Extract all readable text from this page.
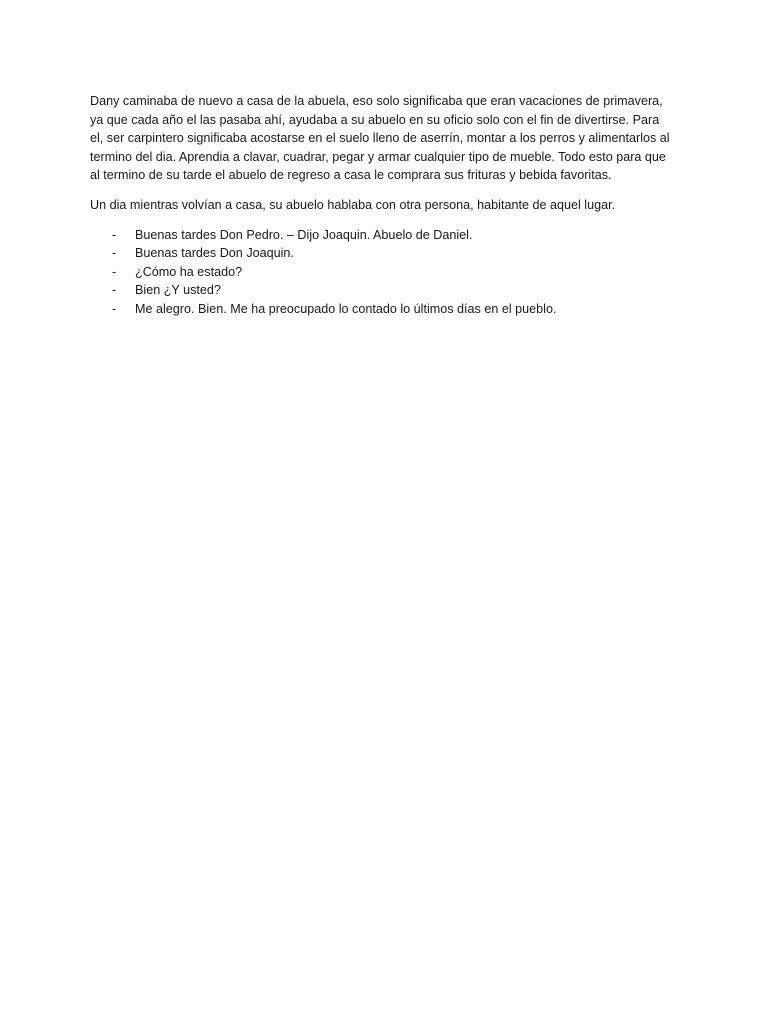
Dany caminaba de nuevo a casa de la abuela, eso solo significaba que eran vacaciones de primavera, ya que cada año el las pasaba ahí, ayudaba a su abuelo en su oficio solo con el fin de divertirse. Para el, ser carpintero significaba acostarse en el suelo lleno de aserrín, montar a los perros y alimentarlos al termino del dia. Aprendia a clavar, cuadrar, pegar y armar cualquier tipo de mueble. Todo esto para que al termino de su tarde el abuelo de regreso a casa le comprara sus frituras y bebida favoritas.

Un dia mientras volvían a casa, su abuelo hablaba con otra persona, habitante de aquel lugar.

- Buenas tardes Don Pedro. – Dijo Joaquin. Abuelo de Daniel.
- Buenas tardes Don Joaquin.
- ¿Cómo ha estado?
- Bien ¿Y usted?
- Me alegro. Bien. Me ha preocupado lo contado lo últimos días en el pueblo.
